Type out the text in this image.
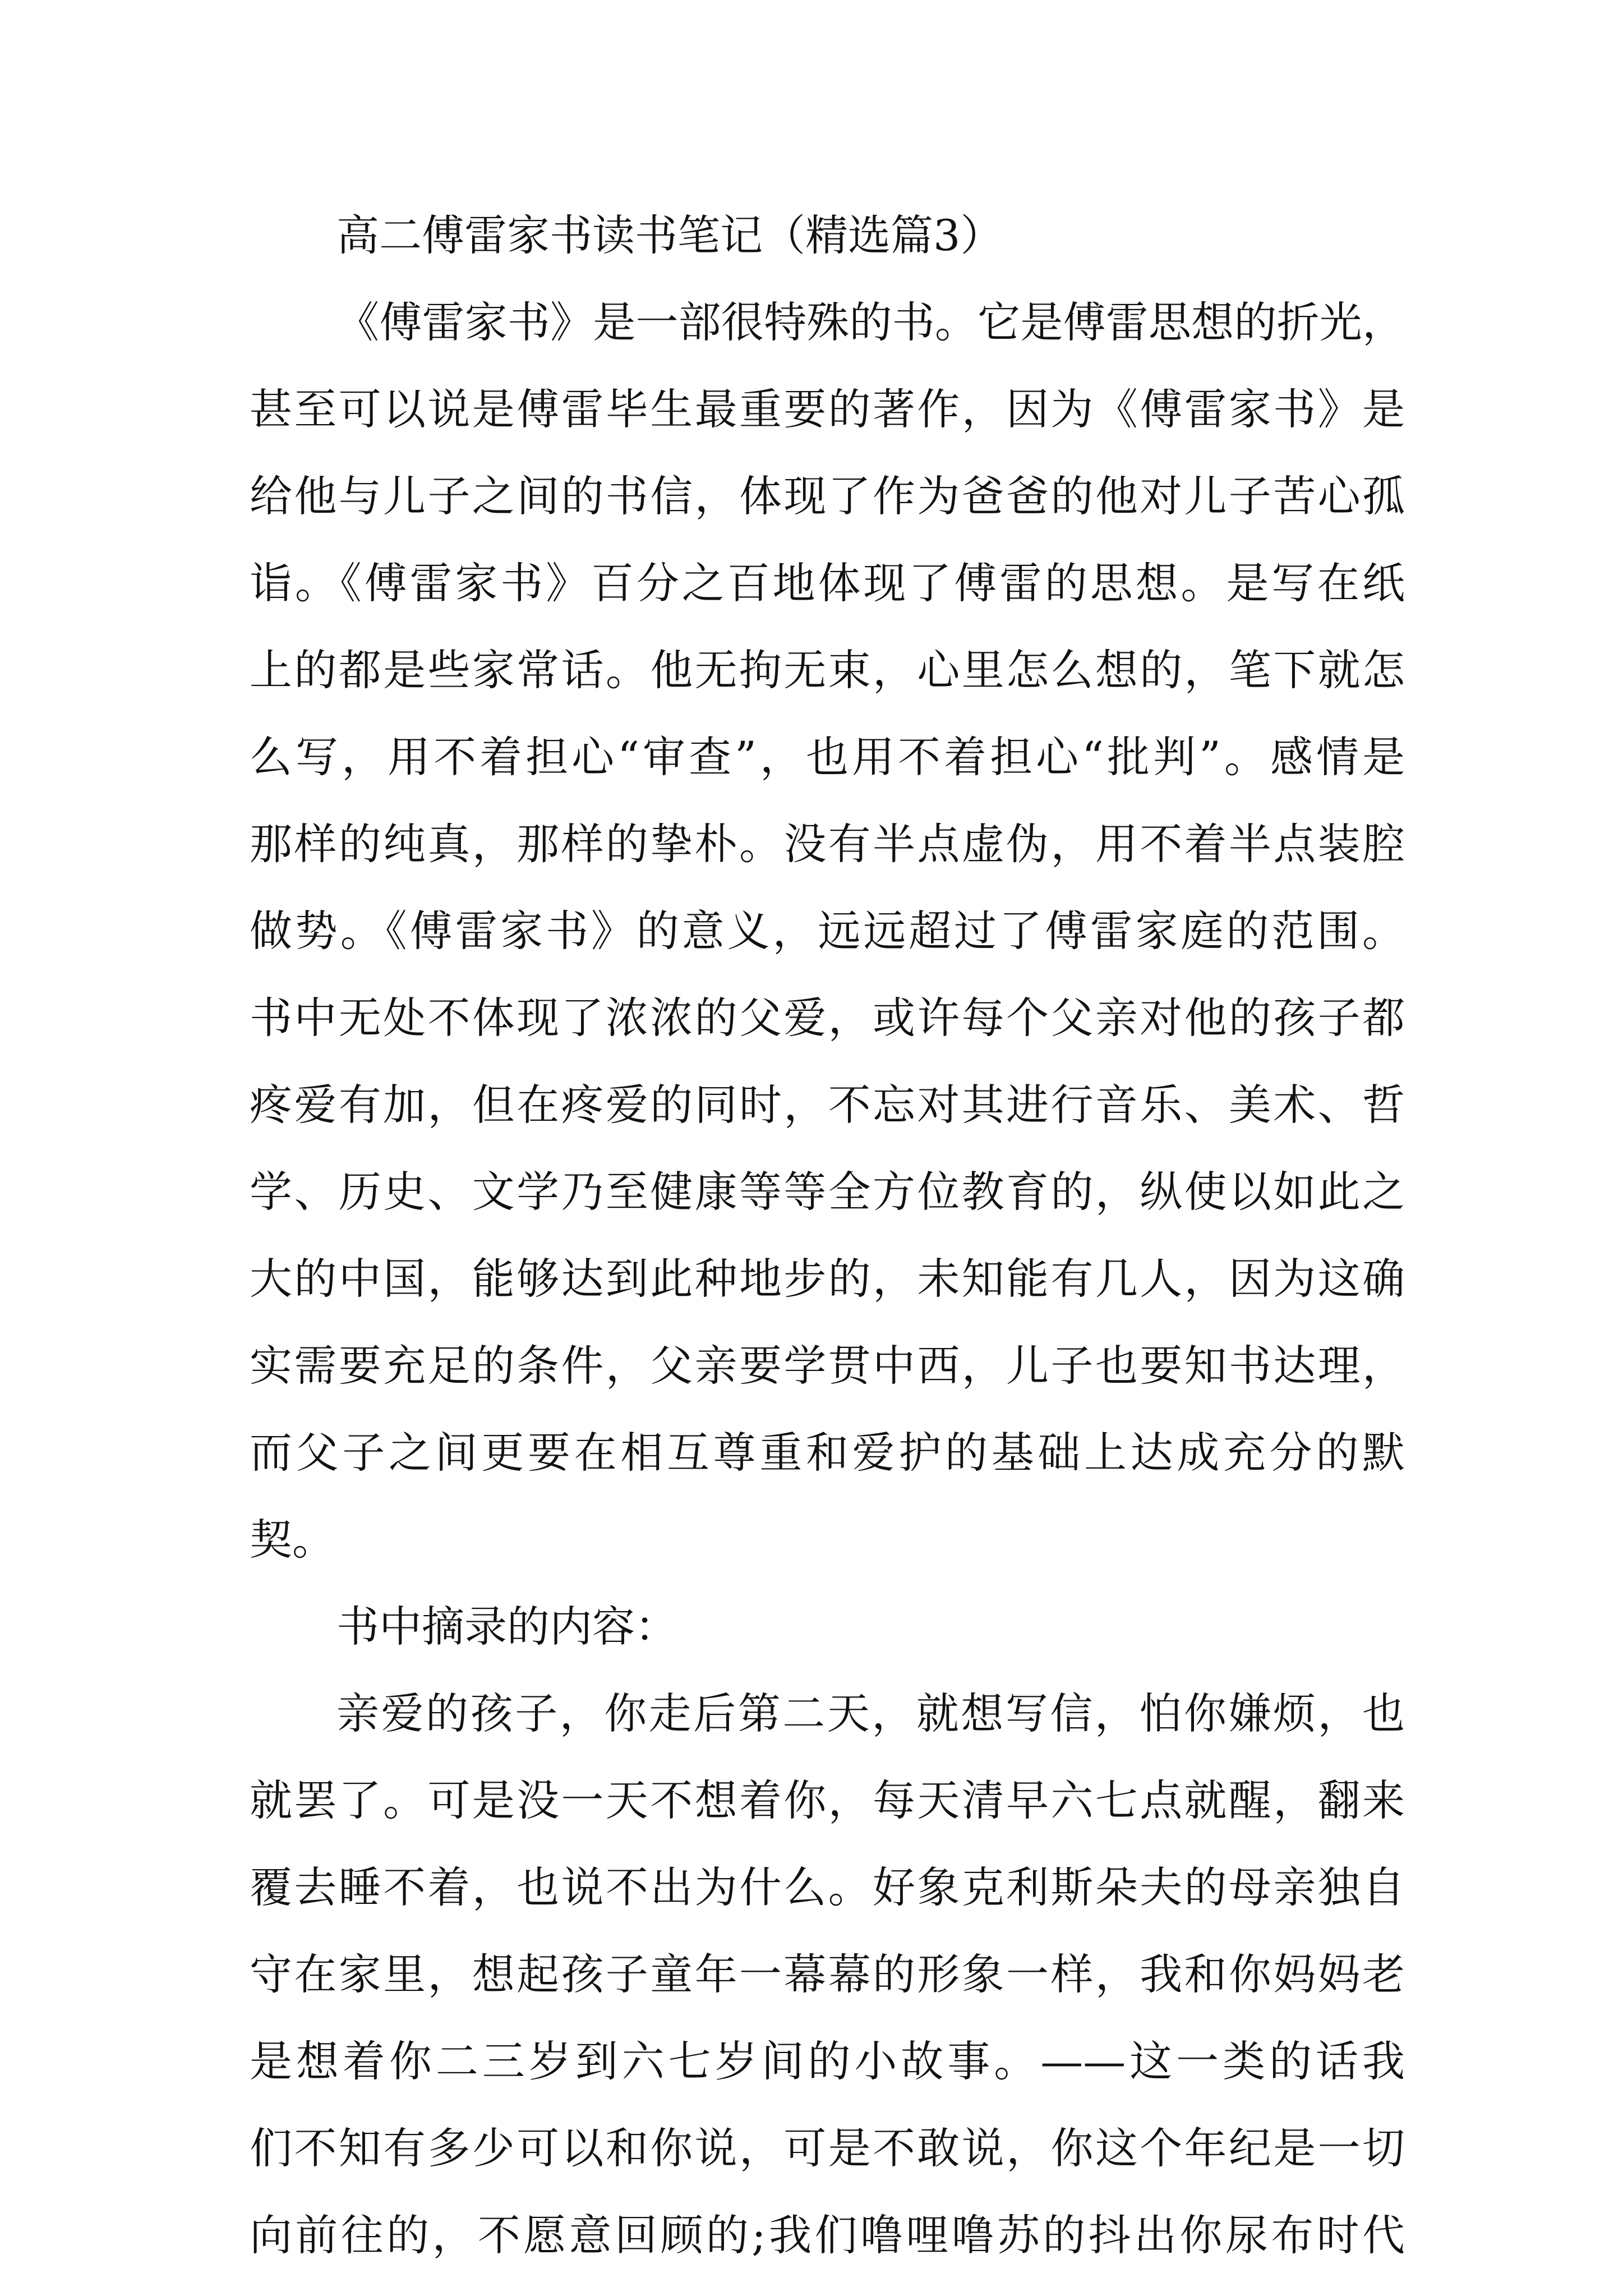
高二傅雷家书读书笔记（精选篇3）
《傅雷家书》是一部很特殊的书。它是傅雷思想的折光，
甚至可以说是傅雷毕生最重要的著作，因为《傅雷家书》是
给他与儿子之间的书信，体现了作为爸爸的他对儿子苦心孤
诣。《傅雷家书》百分之百地体现了傅雷的思想。是写在纸
上的都是些家常话。他无拘无束，心里怎么想的，笔下就怎
么写，用不着担心“审查”，也用不着担心“批判”。感情是
那样的纯真，那样的挚朴。没有半点虚伪，用不着半点装腔
做势。《傅雷家书》的意义，远远超过了傅雷家庭的范围。
书中无处不体现了浓浓的父爱，或许每个父亲对他的孩子都
疼爱有加，但在疼爱的同时，不忘对其进行音乐、美术、哲
学、历史、文学乃至健康等等全方位教育的，纵使以如此之
大的中国，能够达到此种地步的，未知能有几人，因为这确
实需要充足的条件，父亲要学贯中西，儿子也要知书达理，
而父子之间更要在相互尊重和爱护的基础上达成充分的默
契。
书中摘录的内容：
亲爱的孩子，你走后第二天，就想写信，怕你嫌烦，也
就罢了。可是没一天不想着你，每天清早六七点就醒，翻来
覆去睡不着，也说不出为什么。好象克利斯朵夫的母亲独自
守在家里，想起孩子童年一幕幕的形象一样，我和你妈妈老
是想着你二三岁到六七岁间的小故事。——这一类的话我
们不知有多少可以和你说，可是不敢说，你这个年纪是一切
向前往的，不愿意回顾的;我们噜哩噜苏的抖出你尿布时代
